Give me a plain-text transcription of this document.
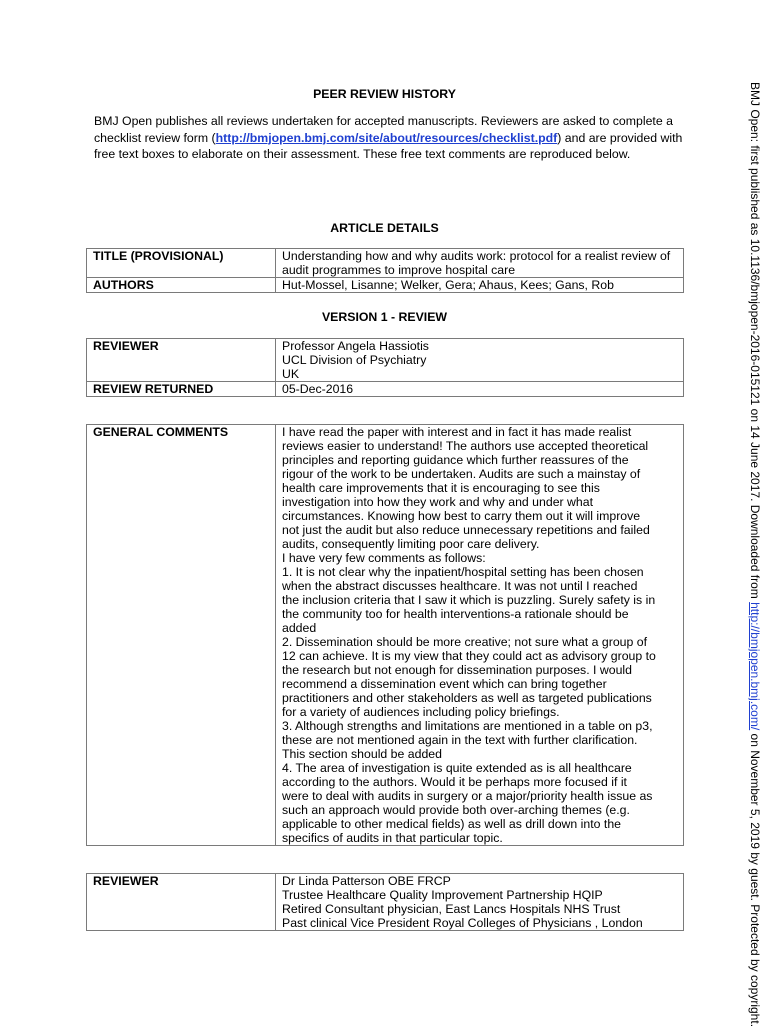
PEER REVIEW HISTORY
BMJ Open publishes all reviews undertaken for accepted manuscripts. Reviewers are asked to complete a checklist review form (http://bmjopen.bmj.com/site/about/resources/checklist.pdf) and are provided with free text boxes to elaborate on their assessment. These free text comments are reproduced below.
ARTICLE DETAILS
TITLE (PROVISIONAL)	Understanding how and why audits work: protocol for a realist review of audit programmes to improve hospital care
AUTHORS	Hut-Mossel, Lisanne; Welker, Gera; Ahaus, Kees; Gans, Rob
VERSION 1 - REVIEW
REVIEWER	Professor Angela Hassiotis
UCL Division of Psychiatry
UK

REVIEW RETURNED	05-Dec-2016
GENERAL COMMENTS	I have read the paper with interest and in fact it has made realist
reviews easier to understand! The authors use accepted theoretical
principles and reporting guidance which further reassures of the
rigour of the work to be undertaken. Audits are such a mainstay of
health care improvements that it is encouraging to see this
investigation into how they work and why and under what
circumstances. Knowing how best to carry them out it will improve
not just the audit but also reduce unnecessary repetitions and failed
audits, consequently limiting poor care delivery.
I have very few comments as follows:
1. It is not clear why the inpatient/hospital setting has been chosen
when the abstract discusses healthcare. It was not until I reached
the inclusion criteria that I saw it which is puzzling. Surely safety is in
the community too for health interventions-a rationale should be
added
2. Dissemination should be more creative; not sure what a group of
12 can achieve. It is my view that they could act as advisory group to
the research but not enough for dissemination purposes. I would
recommend a dissemination event which can bring together
practitioners and other stakeholders as well as targeted publications
for a variety of audiences including policy briefings.
3. Although strengths and limitations are mentioned in a table on p3,
these are not mentioned again in the text with further clarification.
This section should be added
4. The area of investigation is quite extended as is all healthcare
according to the authors. Would it be perhaps more focused if it
were to deal with audits in surgery or a major/priority health issue as
such an approach would provide both over-arching themes (e.g.
applicable to other medical fields) as well as drill down into the
specifics of audits in that particular topic.
REVIEWER	Dr Linda Patterson OBE FRCP
Trustee Healthcare Quality Improvement Partnership HQIP
Retired Consultant physician, East Lancs Hospitals NHS Trust
Past clinical Vice President Royal Colleges of Physicians , London
BMJ Open: first published as 10.1136/bmjopen-2016-015121 on 14 June 2017. Downloaded from http://bmjopen.bmj.com/ on November 5, 2019 by guest. Protected by copyright.
